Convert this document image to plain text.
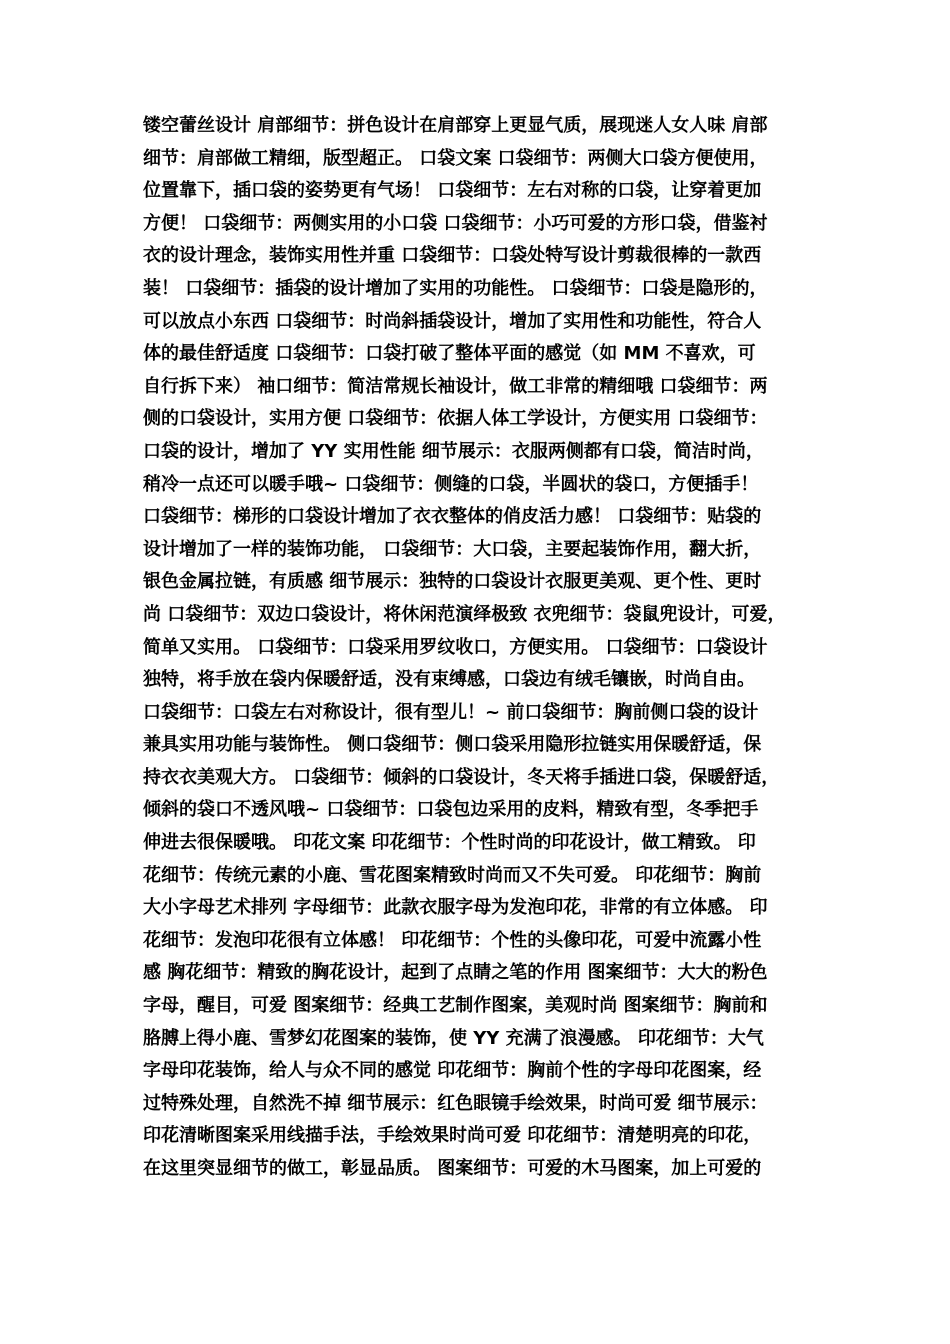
镂空蕾丝设计 肩部细节：拼色设计在肩部穿上更显气质，展现迷人女人味 肩部
细节：肩部做工精细，版型超正。 口袋文案 口袋细节：两侧大口袋方便使用，
位置靠下，插口袋的姿势更有气场！ 口袋细节：左右对称的口袋，让穿着更加
方便！ 口袋细节：两侧实用的小口袋 口袋细节：小巧可爱的方形口袋，借鉴衬
衣的设计理念，装饰实用性并重 口袋细节：口袋处特写设计剪裁很棒的一款西
装！ 口袋细节：插袋的设计增加了实用的功能性。 口袋细节：口袋是隐形的，
可以放点小东西 口袋细节：时尚斜插袋设计，增加了实用性和功能性，符合人
体的最佳舒适度 口袋细节：口袋打破了整体平面的感觉（如 MM 不喜欢，可
自行拆下来） 袖口细节：简洁常规长袖设计，做工非常的精细哦 口袋细节：两
侧的口袋设计，实用方便 口袋细节：依据人体工学设计，方便实用 口袋细节：
口袋的设计，增加了 YY 实用性能 细节展示：衣服两侧都有口袋，简洁时尚，
稍冷一点还可以暖手哦~ 口袋细节：侧缝的口袋，半圆状的袋口，方便插手！
口袋细节：梯形的口袋设计增加了衣衣整体的俏皮活力感！ 口袋细节：贴袋的
设计增加了一样的装饰功能， 口袋细节：大口袋，主要起装饰作用，翻大折，
银色金属拉链，有质感 细节展示：独特的口袋设计衣服更美观、更个性、更时
尚 口袋细节：双边口袋设计，将休闲范演绎极致 衣兜细节：袋鼠兜设计，可爱，
简单又实用。 口袋细节：口袋采用罗纹收口，方便实用。 口袋细节：口袋设计
独特，将手放在袋内保暖舒适，没有束缚感，口袋边有绒毛镶嵌，时尚自由。
口袋细节：口袋左右对称设计，很有型儿！~ 前口袋细节：胸前侧口袋的设计
兼具实用功能与装饰性。 侧口袋细节：侧口袋采用隐形拉链实用保暖舒适，保
持衣衣美观大方。 口袋细节：倾斜的口袋设计，冬天将手插进口袋，保暖舒适，
倾斜的袋口不透风哦~ 口袋细节：口袋包边采用的皮料，精致有型，冬季把手
伸进去很保暖哦。 印花文案 印花细节：个性时尚的印花设计，做工精致。 印
花细节：传统元素的小鹿、雪花图案精致时尚而又不失可爱。 印花细节：胸前
大小字母艺术排列 字母细节：此款衣服字母为发泡印花，非常的有立体感。 印
花细节：发泡印花很有立体感！ 印花细节：个性的头像印花，可爱中流露小性
感 胸花细节：精致的胸花设计，起到了点睛之笔的作用 图案细节：大大的粉色
字母，醒目，可爱 图案细节：经典工艺制作图案，美观时尚 图案细节：胸前和
胳膊上得小鹿、雪梦幻花图案的装饰，使 YY 充满了浪漫感。 印花细节：大气
字母印花装饰，给人与众不同的感觉 印花细节：胸前个性的字母印花图案，经
过特殊处理，自然洗不掉 细节展示：红色眼镜手绘效果，时尚可爱 细节展示：
印花清晰图案采用线描手法，手绘效果时尚可爱 印花细节：清楚明亮的印花，
在这里突显细节的做工，彰显品质。 图案细节：可爱的木马图案，加上可爱的
